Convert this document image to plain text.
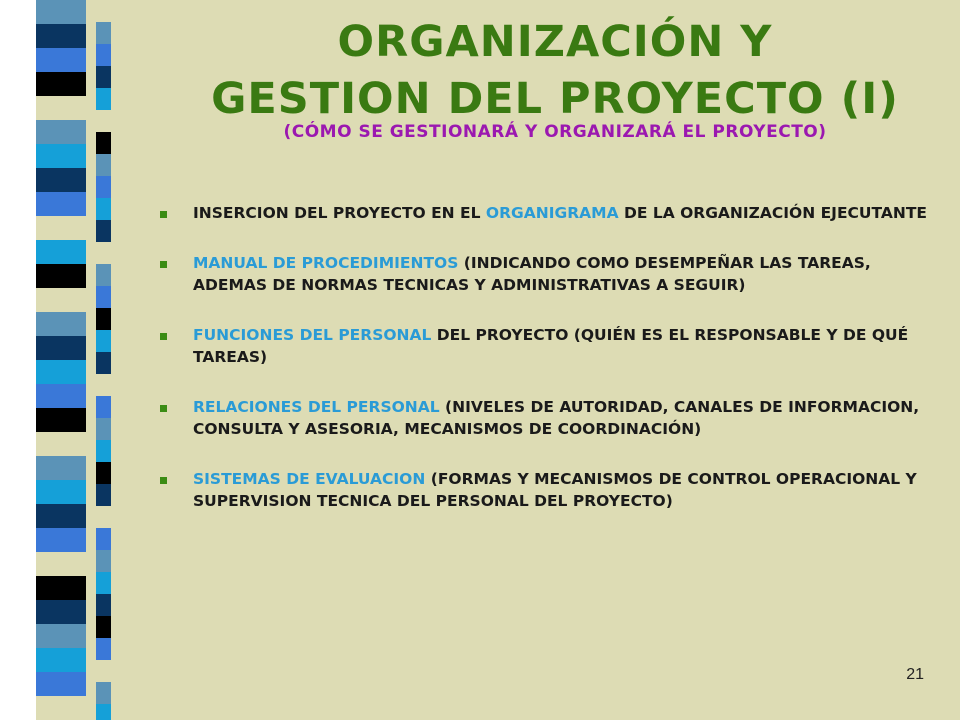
ORGANIZACIÓN Y
GESTION DEL PROYECTO (I)
(CÓMO SE GESTIONARÁ Y ORGANIZARÁ EL PROYECTO)
INSERCION DEL PROYECTO EN EL ORGANIGRAMA DE LA ORGANIZACIÓN EJECUTANTE
MANUAL DE PROCEDIMIENTOS (INDICANDO COMO DESEMPEÑAR LAS TAREAS, ADEMAS DE NORMAS TECNICAS Y ADMINISTRATIVAS A SEGUIR)
FUNCIONES DEL PERSONAL DEL PROYECTO (QUIÉN ES EL RESPONSABLE Y DE QUÉ TAREAS)
RELACIONES DEL PERSONAL (NIVELES DE AUTORIDAD, CANALES DE INFORMACION, CONSULTA Y ASESORIA, MECANISMOS DE COORDINACIÓN)
SISTEMAS DE EVALUACION (FORMAS Y MECANISMOS DE CONTROL OPERACIONAL Y SUPERVISION TECNICA DEL PERSONAL DEL PROYECTO)
21
